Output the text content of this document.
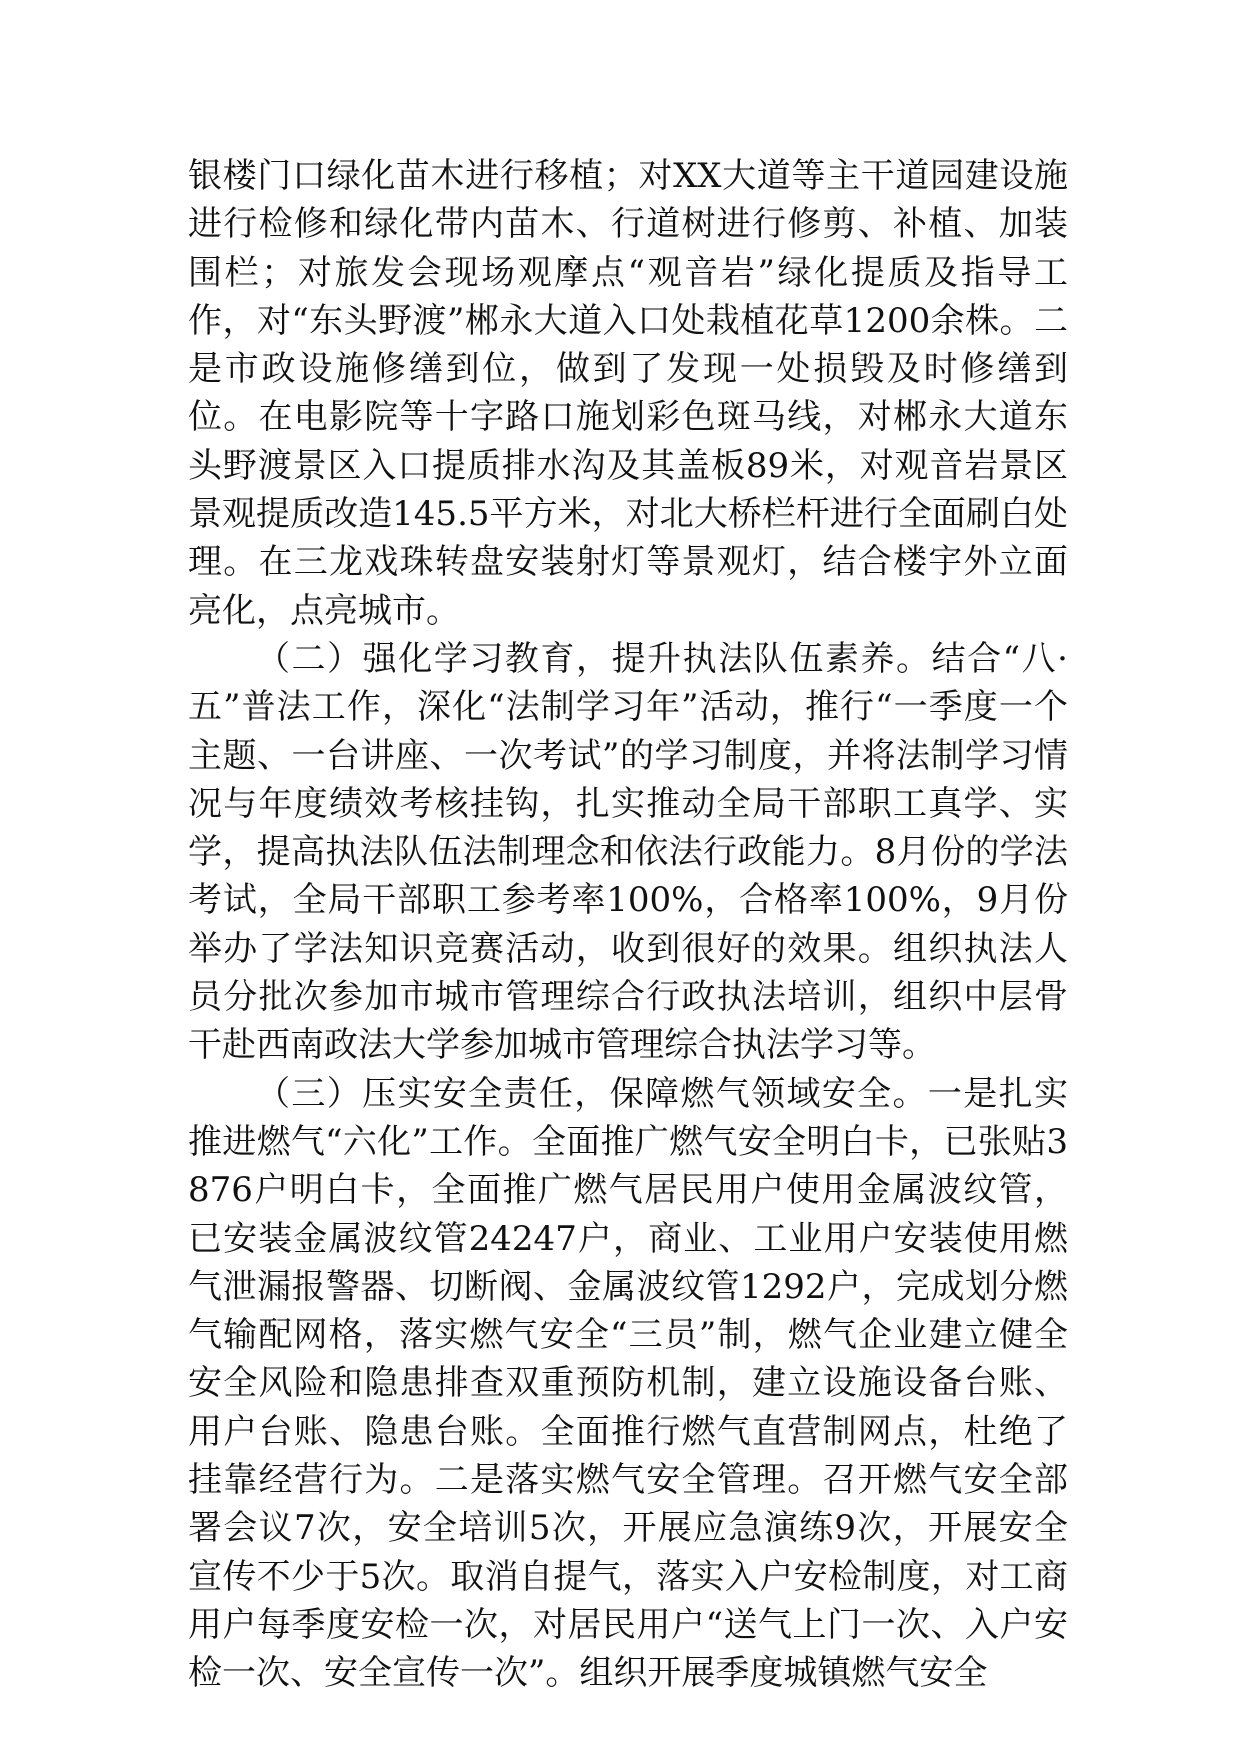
银楼门口绿化苗木进行移植；对XX大道等主干道园建设施进行检修和绿化带内苗木、行道树进行修剪、补植、加装围栏；对旅发会现场观摩点“观音岩”绿化提质及指导工作，对“东头野渡”郴永大道入口处栽植花草1200余株。二是市政设施修缮到位，做到了发现一处损毁及时修缮到位。在电影院等十字路口施划彩色斑马线，对郴永大道东头野渡景区入口提质排水沟及其盖板89米，对观音岩景区景观提质改造145.5平方米，对北大桥栏杆进行全面刷白处理。在三龙戏珠转盘安装射灯等景观灯，结合楼宇外立面亮化，点亮城市。

（二）强化学习教育，提升执法队伍素养。结合“八·五”普法工作，深化“法制学习年”活动，推行“一季度一个主题、一台讲座、一次考试”的学习制度，并将法制学习情况与年度绩效考核挂钩，扎实推动全局干部职工真学、实学，提高执法队伍法制理念和依法行政能力。8月份的学法考试，全局干部职工参考率100%，合格率100%，9月份举办了学法知识竞赛活动，收到很好的效果。组织执法人员分批次参加市城市管理综合行政执法培训，组织中层骨干赴西南政法大学参加城市管理综合执法学习等。

（三）压实安全责任，保障燃气领域安全。一是扎实推进燃气“六化”工作。全面推广燃气安全明白卡，已张贴3876户明白卡，全面推广燃气居民用户使用金属波纹管，已安装金属波纹管24247户，商业、工业用户安装使用燃气泄漏报警器、切断阀、金属波纹管1292户，完成划分燃气输配网格，落实燃气安全“三员”制，燃气企业建立健全安全风险和隐患排查双重预防机制，建立设施设备台账、用户台账、隐患台账。全面推行燃气直营制网点，杜绝了挂靠经营行为。二是落实燃气安全管理。召开燃气安全部署会议7次，安全培训5次，开展应急演练9次，开展安全宣传不少于5次。取消自提气，落实入户安检制度，对工商用户每季度安检一次，对居民用户“送气上门一次、入户安检一次、安全宣传一次”。组织开展季度城镇燃气安全
